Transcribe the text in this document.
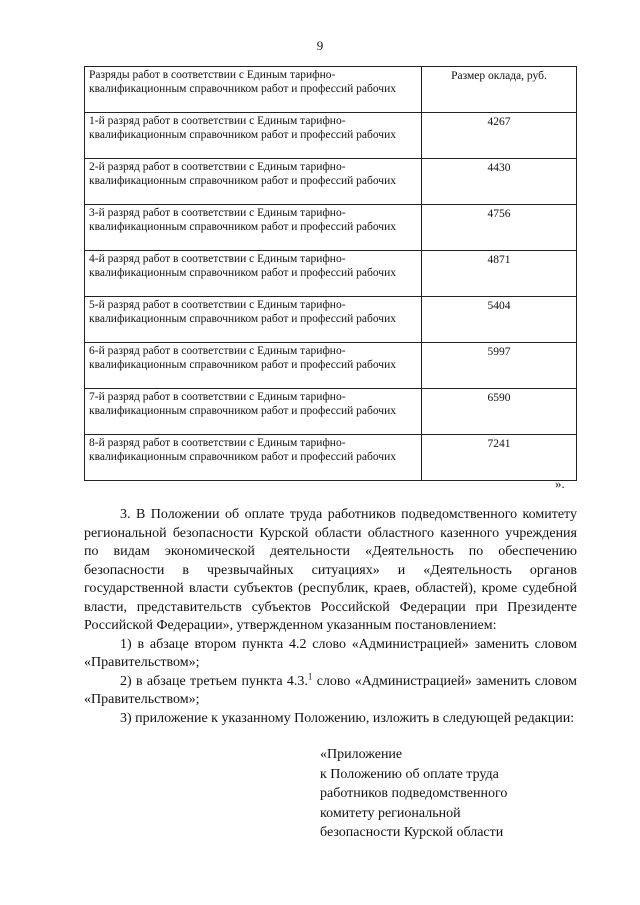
9
Разряды работ в соответствии с Единым тарифно-квалификационным справочником работ и профессий рабочих	Размер оклада, руб.
1-й разряд работ в соответствии с Единым тарифно-квалификационным справочником работ и профессий рабочих	4267
2-й разряд работ в соответствии с Единым тарифно-квалификационным справочником работ и профессий рабочих	4430
3-й разряд работ в соответствии с Единым тарифно-квалификационным справочником работ и профессий рабочих	4756
4-й разряд работ в соответствии с Единым тарифно-квалификационным справочником работ и профессий рабочих	4871
5-й разряд работ в соответствии с Единым тарифно-квалификационным справочником работ и профессий рабочих	5404
6-й разряд работ в соответствии с Единым тарифно-квалификационным справочником работ и профессий рабочих	5997
7-й разряд работ в соответствии с Единым тарифно-квалификационным справочником работ и профессий рабочих	6590
8-й разряд работ в соответствии с Единым тарифно-квалификационным справочником работ и профессий рабочих	7241
».

3. В Положении об оплате труда работников подведомственного комитету региональной безопасности Курской области областного казенного учреждения по видам экономической деятельности «Деятельность по обеспечению безопасности в чрезвычайных ситуациях» и «Деятельность органов государственной власти субъектов (республик, краев, областей), кроме судебной власти, представительств субъектов Российской Федерации при Президенте Российской Федерации», утвержденном указанным постановлением:

1) в абзаце втором пункта 4.2 слово «Администрацией» заменить словом «Правительством»;

2) в абзаце третьем пункта 4.3.$^1$ слово «Администрацией» заменить словом «Правительством»;

3) приложение к указанному Положению, изложить в следующей редакции:

«Приложение
к Положению об оплате труда
работников подведомственного
комитету региональной
безопасности Курской области
